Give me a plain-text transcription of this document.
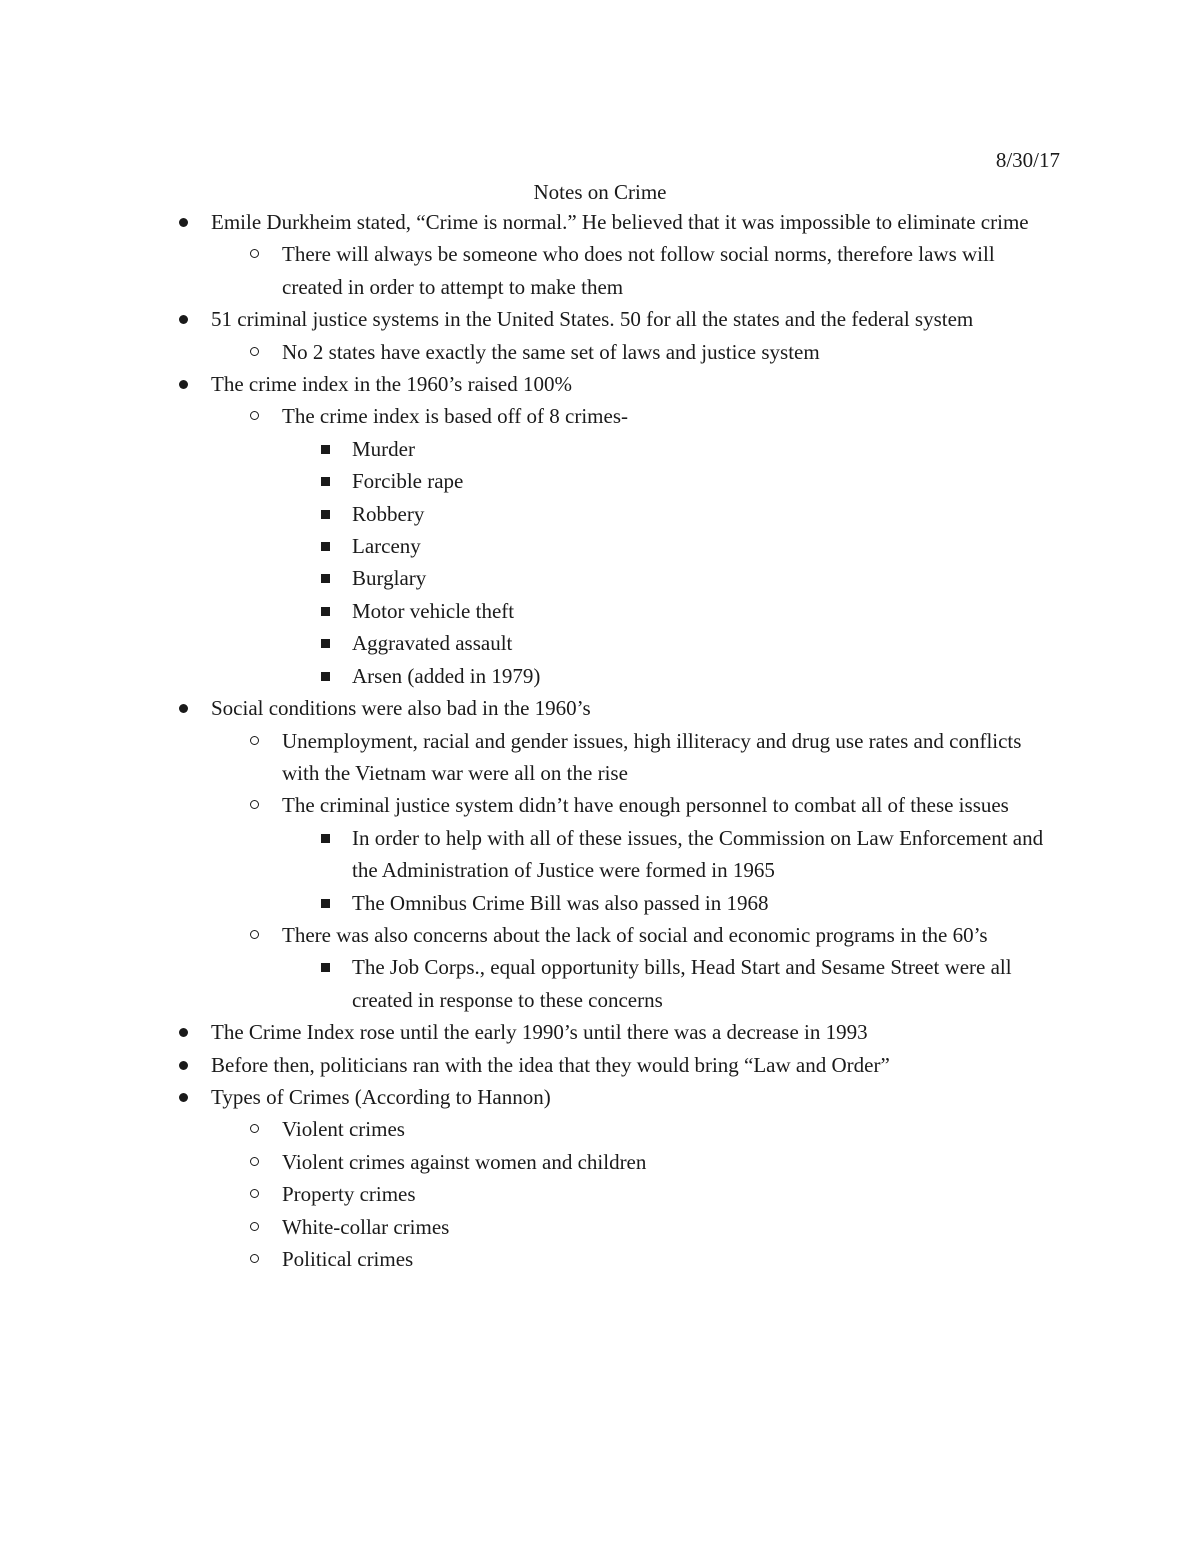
8/30/17
Notes on Crime
Emile Durkheim stated, “Crime is normal.” He believed that it was impossible to eliminate crime
There will always be someone who does not follow social norms, therefore laws will created in order to attempt to make them
51 criminal justice systems in the United States. 50 for all the states and the federal system
No 2 states have exactly the same set of laws and justice system
The crime index in the 1960’s raised 100%
The crime index is based off of 8 crimes-
Murder
Forcible rape
Robbery
Larceny
Burglary
Motor vehicle theft
Aggravated assault
Arsen (added in 1979)
Social conditions were also bad in the 1960’s
Unemployment, racial and gender issues, high illiteracy and drug use rates and conflicts with the Vietnam war were all on the rise
The criminal justice system didn’t have enough personnel to combat all of these issues
In order to help with all of these issues, the Commission on Law Enforcement and the Administration of Justice were formed in 1965
The Omnibus Crime Bill was also passed in 1968
There was also concerns about the lack of social and economic programs in the 60’s
The Job Corps., equal opportunity bills, Head Start and Sesame Street were all created in response to these concerns
The Crime Index rose until the early 1990’s until there was a decrease in 1993
Before then, politicians ran with the idea that they would bring “Law and Order”
Types of Crimes (According to Hannon)
Violent crimes
Violent crimes against women and children
Property crimes
White-collar crimes
Political crimes
